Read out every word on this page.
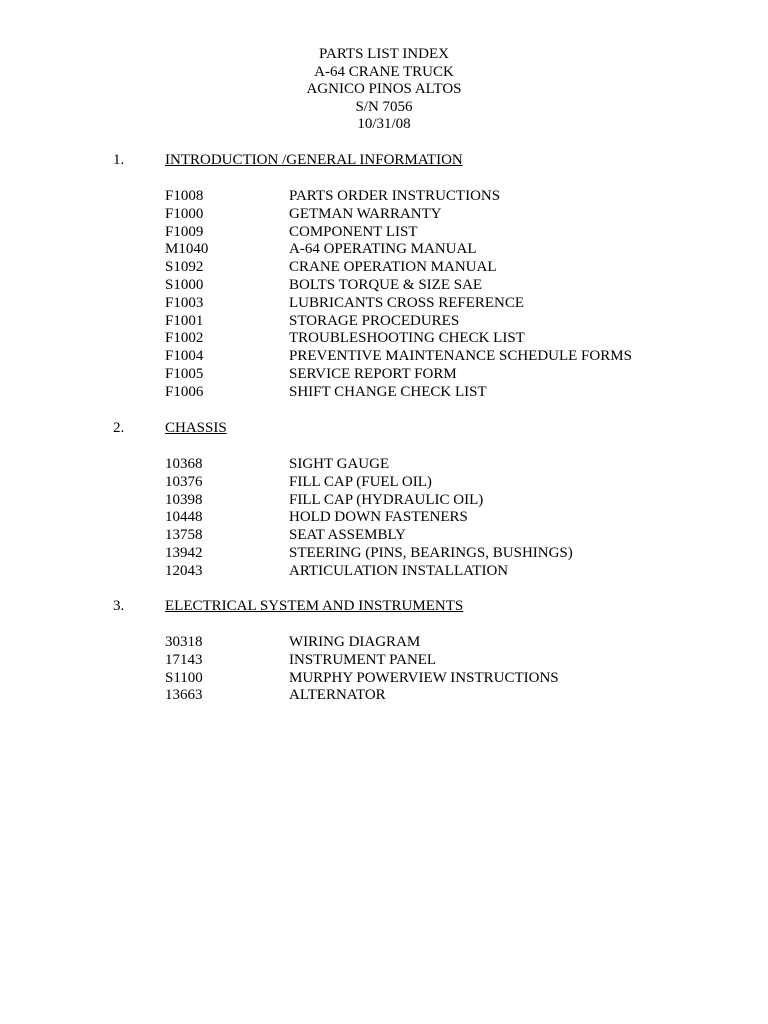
PARTS LIST INDEX
A-64 CRANE TRUCK
AGNICO PINOS ALTOS
S/N 7056
10/31/08
1.	INTRODUCTION /GENERAL INFORMATION
F1008	PARTS ORDER INSTRUCTIONS
F1000	GETMAN WARRANTY
F1009	COMPONENT LIST
M1040	A-64 OPERATING MANUAL
S1092	CRANE OPERATION MANUAL
S1000	BOLTS TORQUE & SIZE SAE
F1003	LUBRICANTS CROSS REFERENCE
F1001	STORAGE PROCEDURES
F1002	TROUBLESHOOTING CHECK LIST
F1004	PREVENTIVE MAINTENANCE SCHEDULE FORMS
F1005	SERVICE REPORT FORM
F1006	SHIFT CHANGE CHECK LIST
2.	CHASSIS
10368	SIGHT GAUGE
10376	FILL CAP (FUEL OIL)
10398	FILL CAP (HYDRAULIC OIL)
10448	HOLD DOWN FASTENERS
13758	SEAT ASSEMBLY
13942	STEERING (PINS, BEARINGS, BUSHINGS)
12043	ARTICULATION INSTALLATION
3.	ELECTRICAL SYSTEM AND INSTRUMENTS
30318	WIRING DIAGRAM
17143	INSTRUMENT PANEL
S1100	MURPHY POWERVIEW INSTRUCTIONS
13663	ALTERNATOR
